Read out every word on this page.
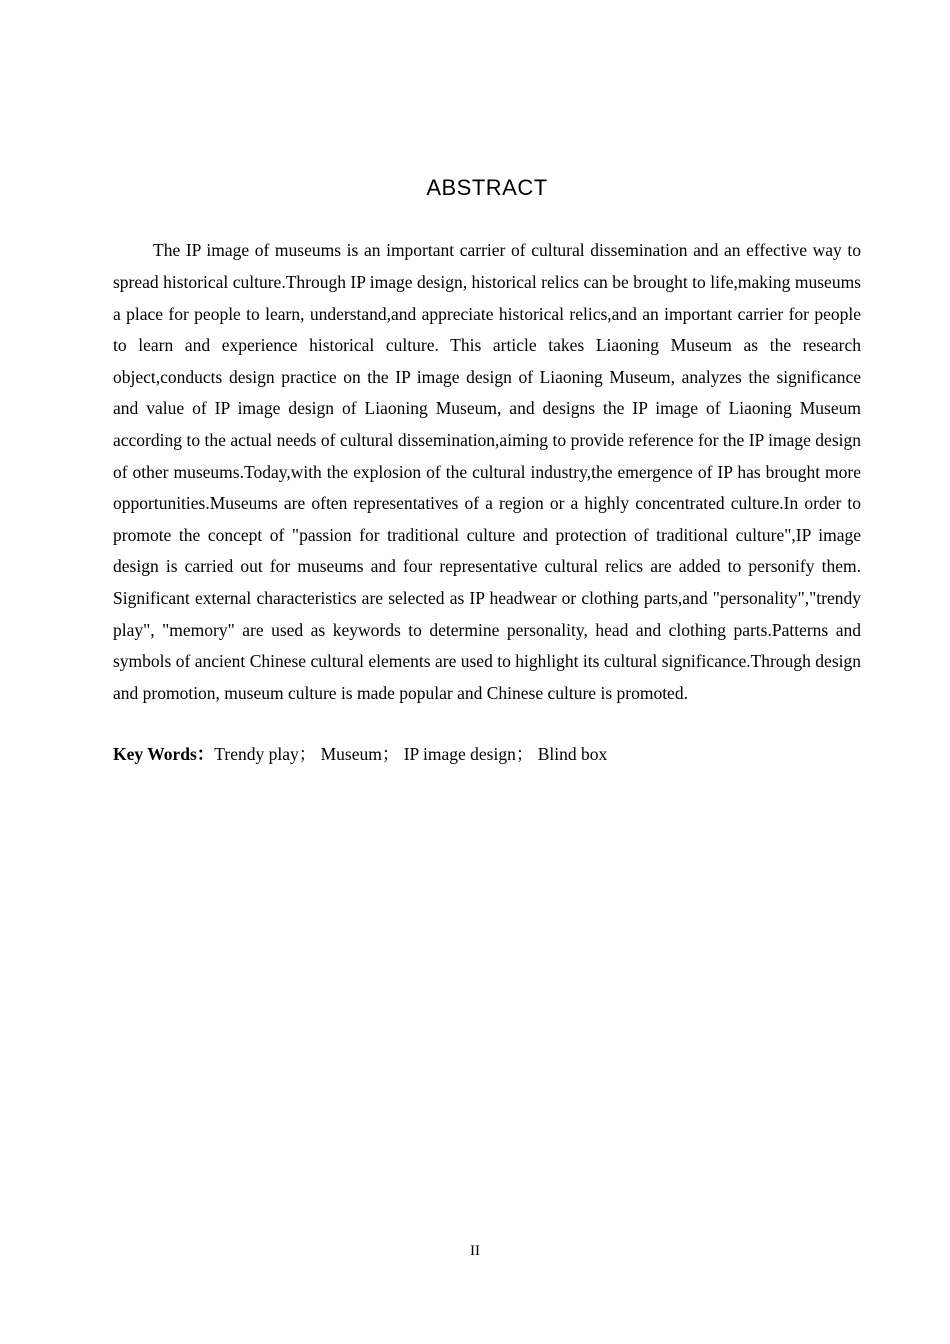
ABSTRACT

The IP image of museums is an important carrier of cultural dissemination and an effective way to spread historical culture.Through IP image design, historical relics can be brought to life,making museums a place for people to learn, understand,and appreciate historical relics,and an important carrier for people to learn and experience historical culture. This article takes Liaoning Museum as the research object,conducts design practice on the IP image design of Liaoning Museum, analyzes the significance and value of IP image design of Liaoning Museum, and designs the IP image of Liaoning Museum according to the actual needs of cultural dissemination,aiming to provide reference for the IP image design of other museums.Today,with the explosion of the cultural industry,the emergence of IP has brought more opportunities.Museums are often representatives of a region or a highly concentrated culture.In order to promote the concept of "passion for traditional culture and protection of traditional culture",IP image design is carried out for museums and four representative cultural relics are added to personify them. Significant external characteristics are selected as IP headwear or clothing parts,and "personality","trendy play", "memory" are used as keywords to determine personality, head and clothing parts.Patterns and symbols of ancient Chinese cultural elements are used to highlight its cultural significance.Through design and promotion, museum culture is made popular and Chinese culture is promoted.

Key Words：Trendy play； Museum； IP image design； Blind box

II
